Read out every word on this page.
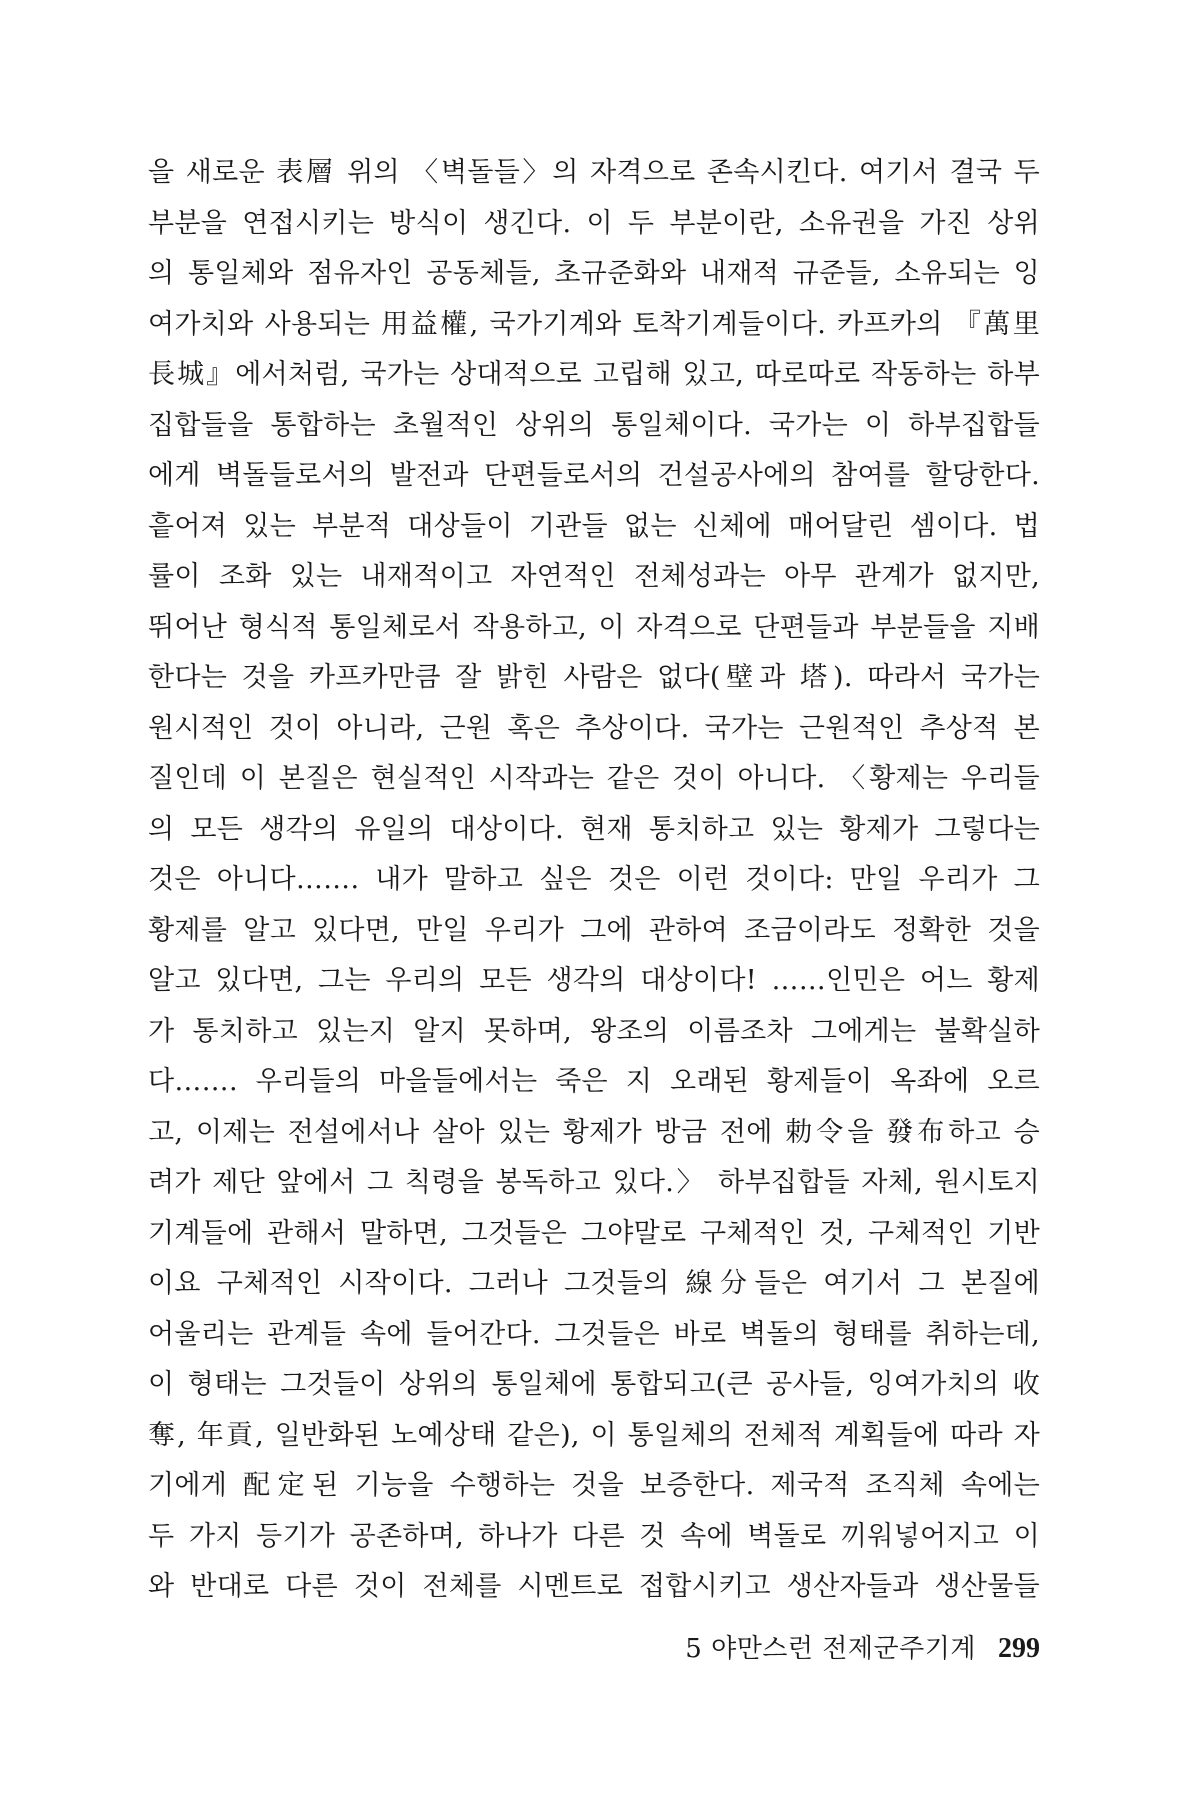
을 새로운 表層 위의 〈벽돌들〉의 자격으로 존속시킨다. 여기서 결국 두
부분을 연접시키는 방식이 생긴다. 이 두 부분이란, 소유권을 가진 상위
의 통일체와 점유자인 공동체들, 초규준화와 내재적 규준들, 소유되는 잉
여가치와 사용되는 用益權, 국가기계와 토착기계들이다. 카프카의 『萬里
長城』에서처럼, 국가는 상대적으로 고립해 있고, 따로따로 작동하는 하부
집합들을 통합하는 초월적인 상위의 통일체이다. 국가는 이 하부집합들
에게 벽돌들로서의 발전과 단편들로서의 건설공사에의 참여를 할당한다.
흩어져 있는 부분적 대상들이 기관들 없는 신체에 매어달린 셈이다. 법
률이 조화 있는 내재적이고 자연적인 전체성과는 아무 관계가 없지만,
뛰어난 형식적 통일체로서 작용하고, 이 자격으로 단편들과 부분들을 지배
한다는 것을 카프카만큼 잘 밝힌 사람은 없다(壁과 塔). 따라서 국가는
원시적인 것이 아니라, 근원 혹은 추상이다. 국가는 근원적인 추상적 본
질인데 이 본질은 현실적인 시작과는 같은 것이 아니다. 〈황제는 우리들
의 모든 생각의 유일의 대상이다. 현재 통치하고 있는 황제가 그렇다는
것은 아니다……. 내가 말하고 싶은 것은 이런 것이다: 만일 우리가 그
황제를 알고 있다면, 만일 우리가 그에 관하여 조금이라도 정확한 것을
알고 있다면, 그는 우리의 모든 생각의 대상이다! ……인민은 어느 황제
가 통치하고 있는지 알지 못하며, 왕조의 이름조차 그에게는 불확실하
다……. 우리들의 마을들에서는 죽은 지 오래된 황제들이 옥좌에 오르
고, 이제는 전설에서나 살아 있는 황제가 방금 전에 勅令을 發布하고 승
려가 제단 앞에서 그 칙령을 봉독하고 있다.〉 하부집합들 자체, 원시토지
기계들에 관해서 말하면, 그것들은 그야말로 구체적인 것, 구체적인 기반
이요 구체적인 시작이다. 그러나 그것들의 線分들은 여기서 그 본질에
어울리는 관계들 속에 들어간다. 그것들은 바로 벽돌의 형태를 취하는데,
이 형태는 그것들이 상위의 통일체에 통합되고(큰 공사들, 잉여가치의 收
奪, 年貢, 일반화된 노예상태 같은), 이 통일체의 전체적 계획들에 따라 자
기에게 配定된 기능을 수행하는 것을 보증한다. 제국적 조직체 속에는
두 가지 등기가 공존하며, 하나가 다른 것 속에 벽돌로 끼워넣어지고 이
와 반대로 다른 것이 전체를 시멘트로 접합시키고 생산자들과 생산물들
5 야만스런 전제군주기계 299
